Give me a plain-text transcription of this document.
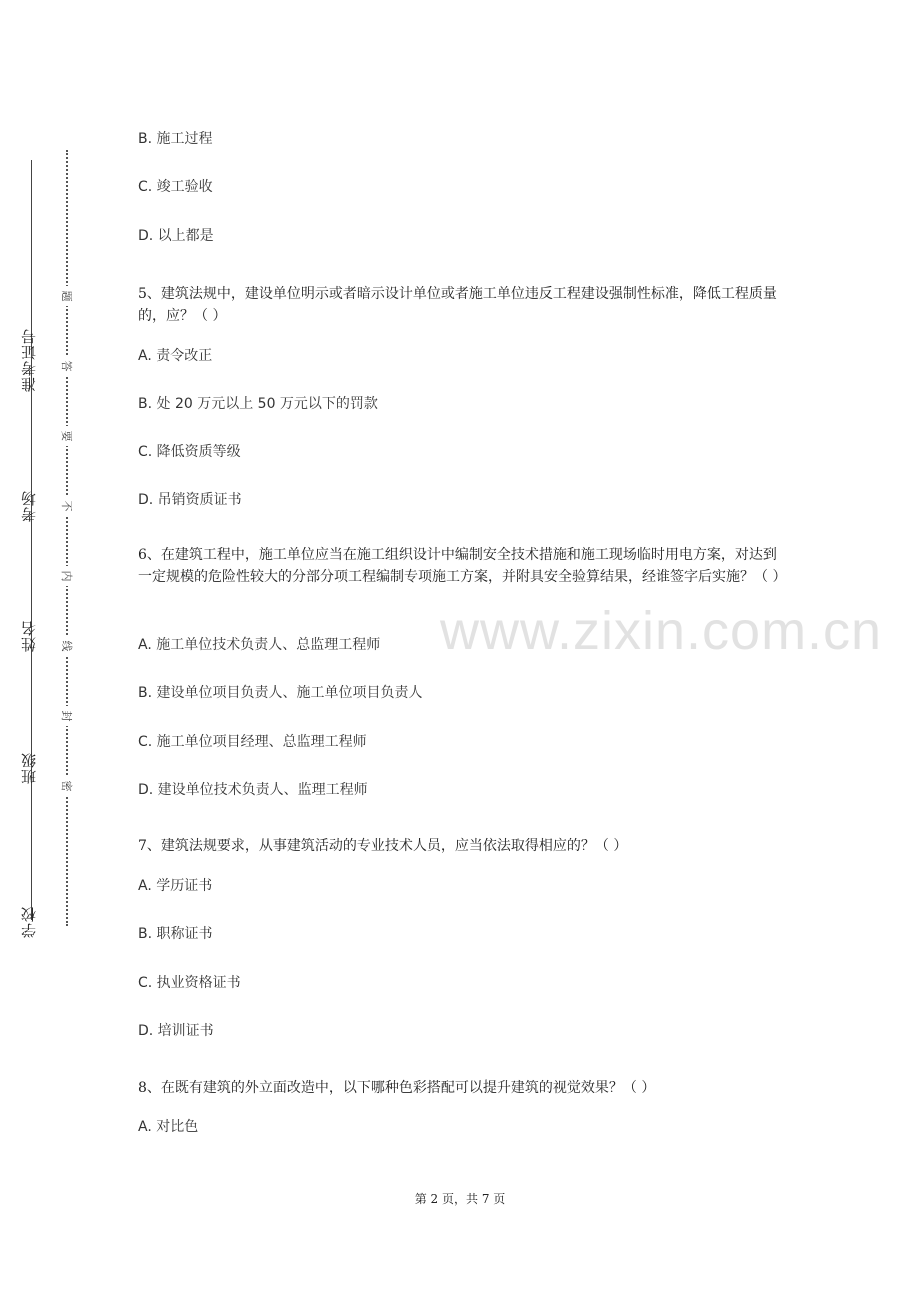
准考证号
考场
姓名
班级
学校
题
答
要
不
内
线
封
密
www.zixin.com.cn
B. 施工过程
C. 竣工验收
D. 以上都是
5、建筑法规中，建设单位明示或者暗示设计单位或者施工单位违反工程建设强制性标准，降低工程质量的，应？（ ）
A. 责令改正
B. 处 20 万元以上 50 万元以下的罚款
C. 降低资质等级
D. 吊销资质证书
6、在建筑工程中，施工单位应当在施工组织设计中编制安全技术措施和施工现场临时用电方案，对达到一定规模的危险性较大的分部分项工程编制专项施工方案，并附具安全验算结果，经谁签字后实施？（ ）
A. 施工单位技术负责人、总监理工程师
B. 建设单位项目负责人、施工单位项目负责人
C. 施工单位项目经理、总监理工程师
D. 建设单位技术负责人、监理工程师
7、建筑法规要求，从事建筑活动的专业技术人员，应当依法取得相应的？（ ）
A. 学历证书
B. 职称证书
C. 执业资格证书
D. 培训证书
8、在既有建筑的外立面改造中，以下哪种色彩搭配可以提升建筑的视觉效果？（ ）
A. 对比色
第 2 页，共 7 页
